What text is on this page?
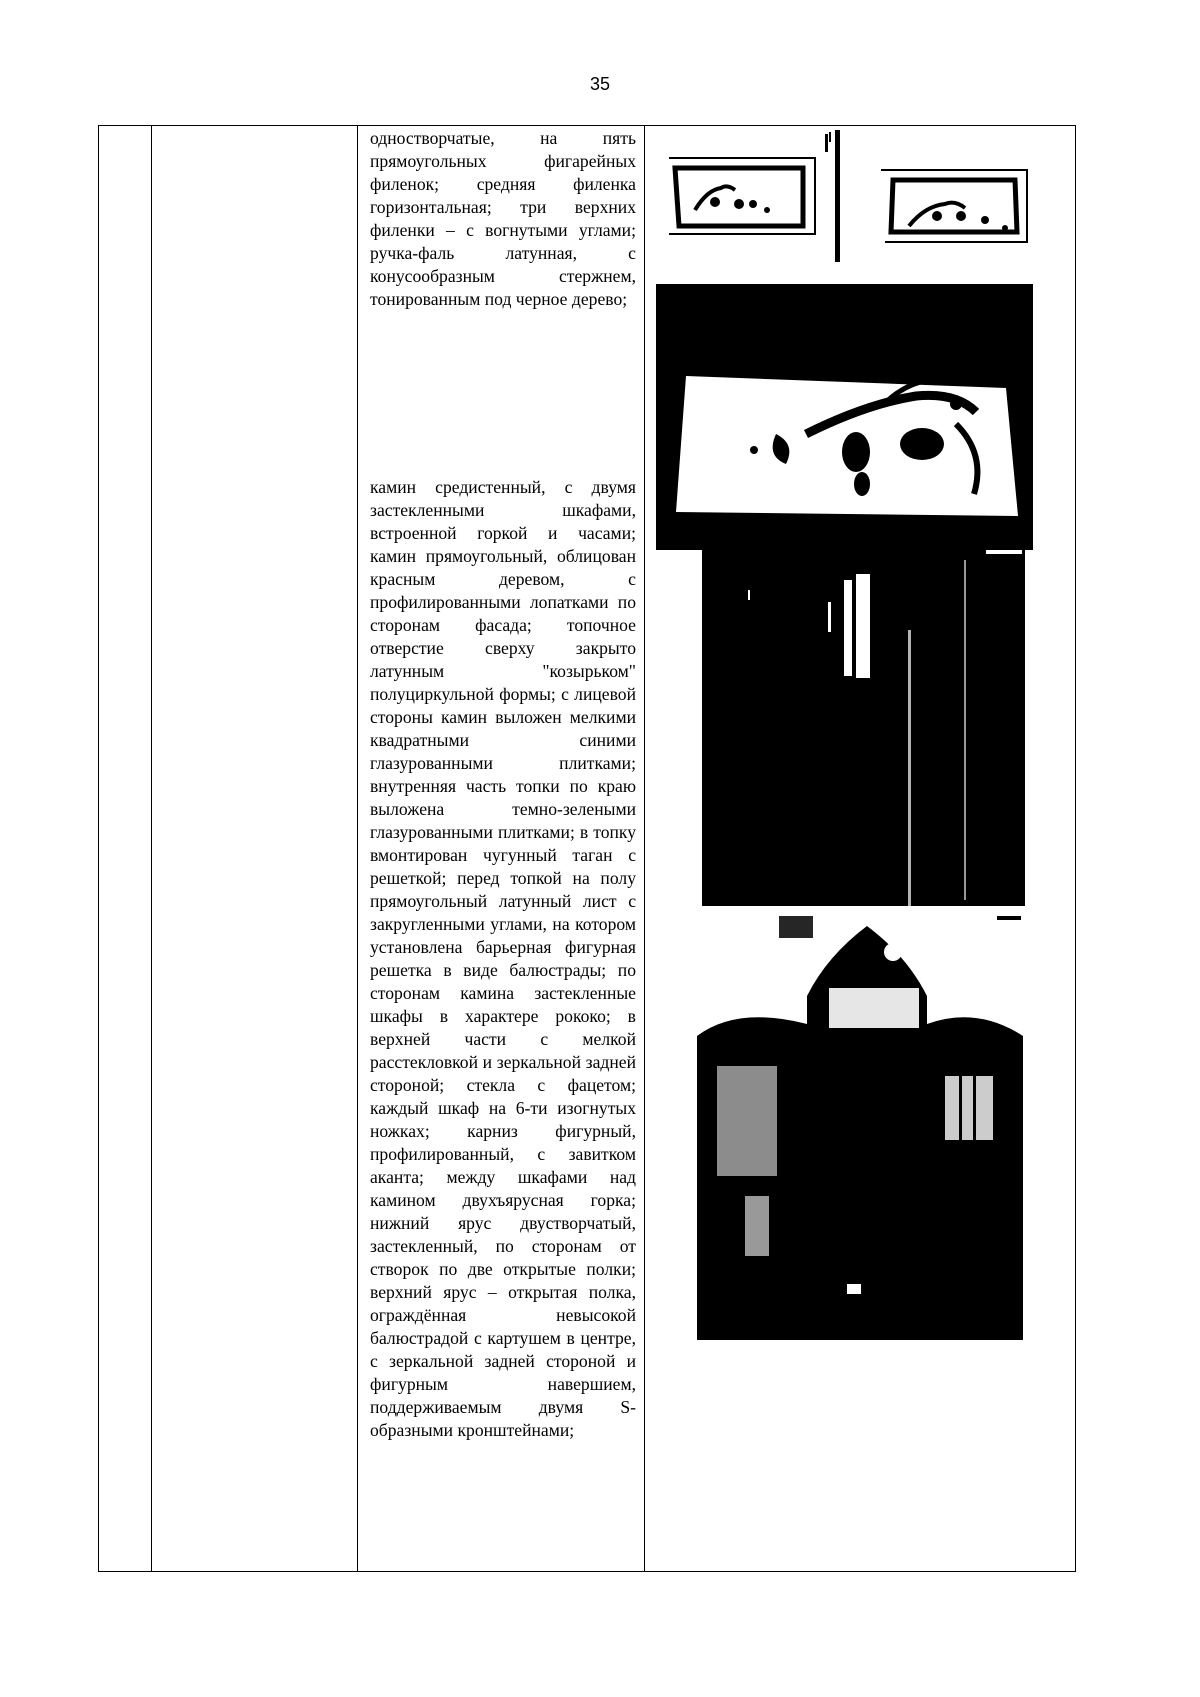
35

одностворчатые, на пять прямоугольных фигарейных филенок; средняя филенка горизонтальная; три верхних филенки – с вогнутыми углами; ручка-фаль латунная, с конусообразным стержнем, тонированным под черное дерево;

камин средистенный, с двумя застекленными шкафами, встроенной горкой и часами; камин прямоугольный, облицован красным деревом, с профилированными лопатками по сторонам фасада; топочное отверстие сверху закрыто латунным "козырьком" полуциркульной формы; с лицевой стороны камин выложен мелкими квадратными синими глазурованными плитками; внутренняя часть топки по краю выложена темно-зелеными глазурованными плитками; в топку вмонтирован чугунный таган с решеткой; перед топкой на полу прямоугольный латунный лист с закругленными углами, на котором установлена барьерная фигурная решетка в виде балюстрады; по сторонам камина застекленные шкафы в характере рококо; в верхней части с мелкой расстекловкой и зеркальной задней стороной; стекла с фацетом; каждый шкаф на 6-ти изогнутых ножках; карниз фигурный, профилированный, с завитком аканта; между шкафами над камином двухъярусная горка; нижний ярус двустворчатый, застекленный, по сторонам от створок по две открытые полки; верхний ярус – открытая полка, ограждённая невысокой балюстрадой с картушем в центре, с зеркальной задней стороной и фигурным навершием, поддерживаемым двумя S-образными кронштейнами;
